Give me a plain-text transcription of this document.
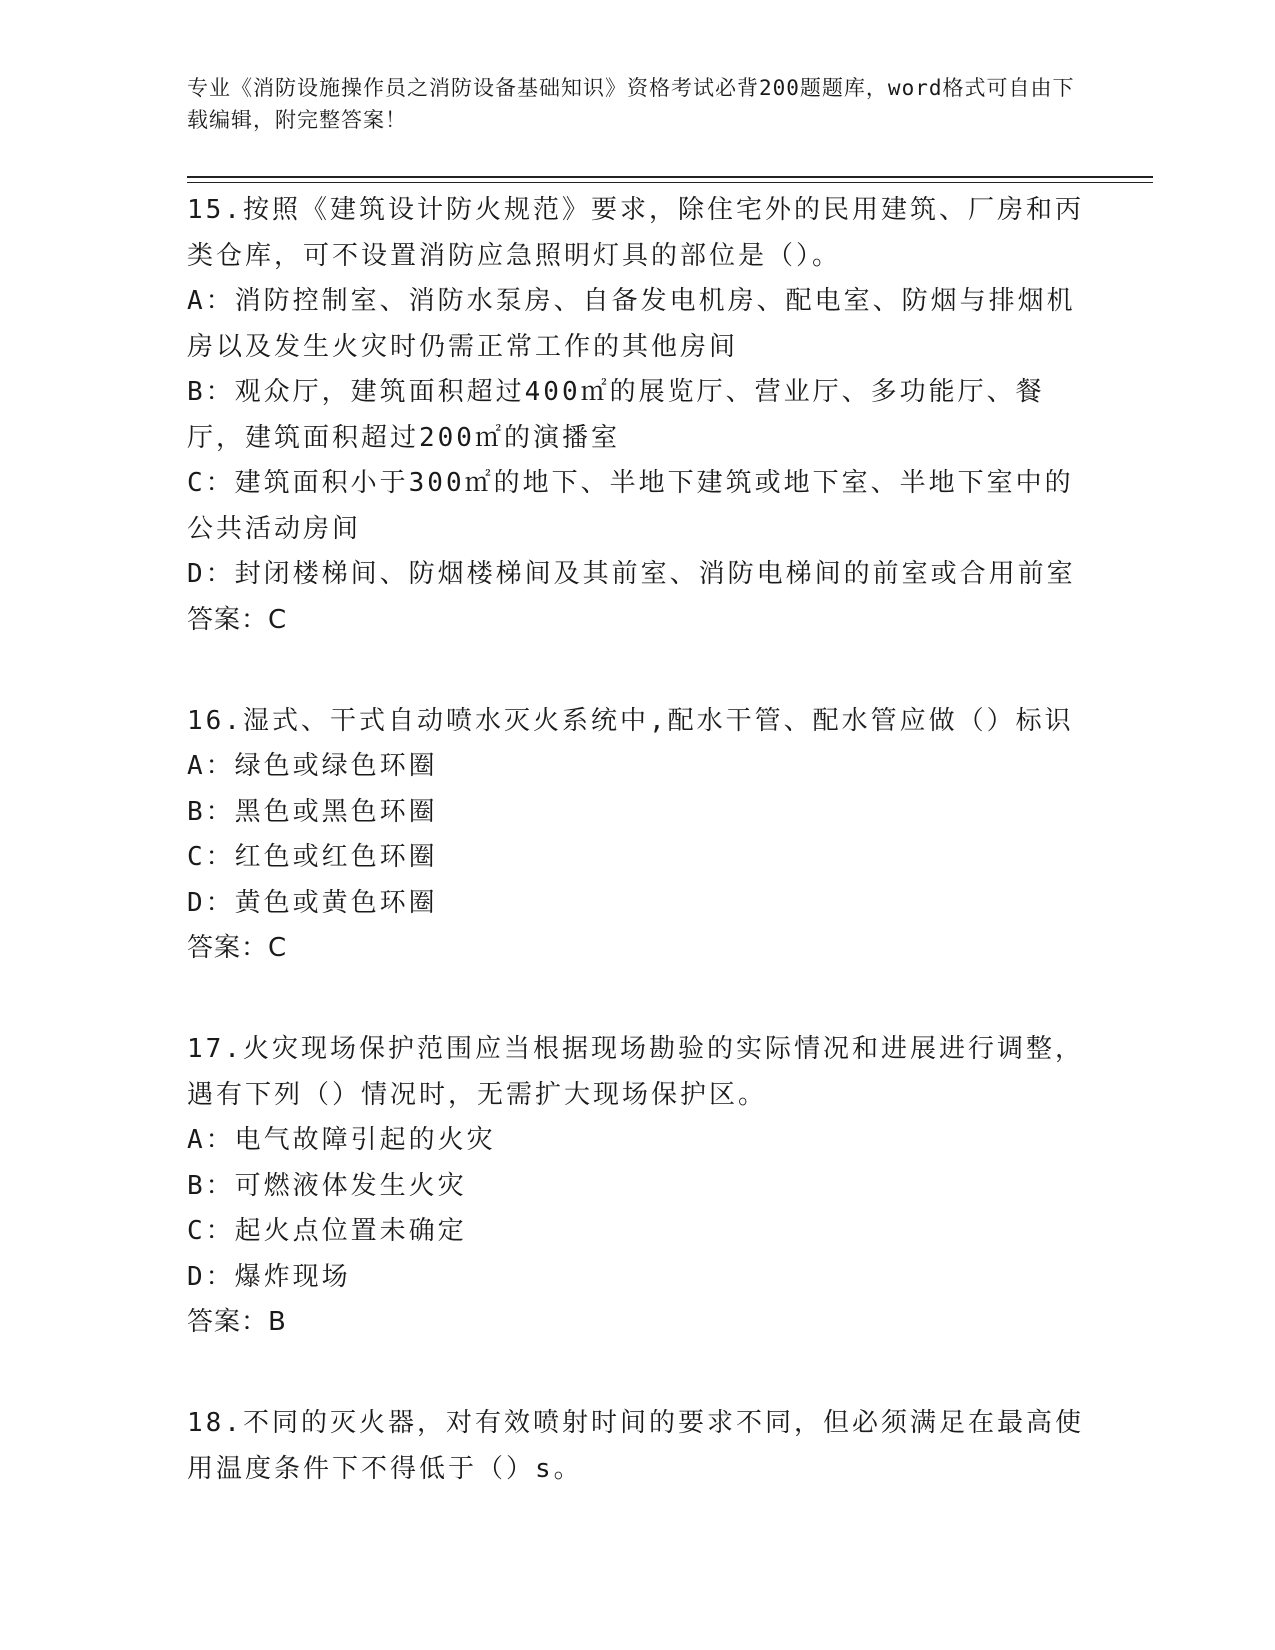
专业《消防设施操作员之消防设备基础知识》资格考试必背200题题库，word格式可自由下载编辑，附完整答案！
15.按照《建筑设计防火规范》要求，除住宅外的民用建筑、厂房和丙类仓库，可不设置消防应急照明灯具的部位是（）。
A：消防控制室、消防水泵房、自备发电机房、配电室、防烟与排烟机房以及发生火灾时仍需正常工作的其他房间
B：观众厅，建筑面积超过400㎡的展览厅、营业厅、多功能厅、餐厅，建筑面积超过200㎡的演播室
C：建筑面积小于300㎡的地下、半地下建筑或地下室、半地下室中的公共活动房间
D：封闭楼梯间、防烟楼梯间及其前室、消防电梯间的前室或合用前室
答案：C
16.湿式、干式自动喷水灭火系统中,配水干管、配水管应做（）标识
A：绿色或绿色环圈
B：黑色或黑色环圈
C：红色或红色环圈
D：黄色或黄色环圈
答案：C
17.火灾现场保护范围应当根据现场勘验的实际情况和进展进行调整，遇有下列（）情况时，无需扩大现场保护区。
A：电气故障引起的火灾
B：可燃液体发生火灾
C：起火点位置未确定
D：爆炸现场
答案：B
18.不同的灭火器，对有效喷射时间的要求不同，但必须满足在最高使用温度条件下不得低于（）s。
